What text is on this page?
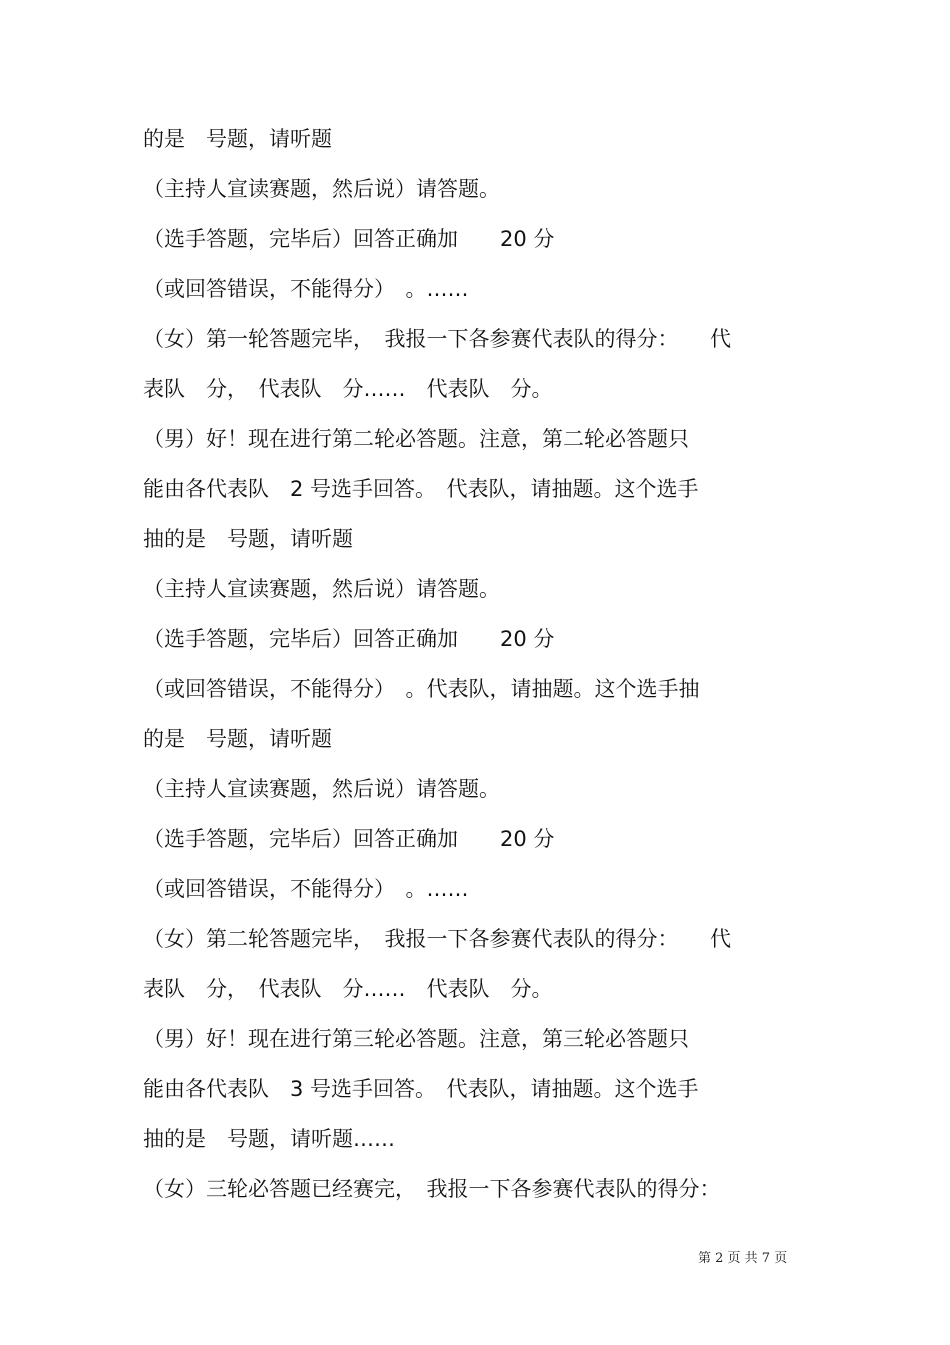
的是　号题，请听题
（主持人宣读赛题，然后说）请答题。
（选手答题，完毕后）回答正确加　　20 分
（或回答错误，不能得分）　。……
（女）第一轮答题完毕，　我报一下各参赛代表队的得分：　　代
表队　分，　代表队　分……　代表队　分。
（男）好！现在进行第二轮必答题。注意，第二轮必答题只
能由各代表队　2 号选手回答。　代表队，请抽题。这个选手
抽的是　号题，请听题
（主持人宣读赛题，然后说）请答题。
（选手答题，完毕后）回答正确加　　20 分
（或回答错误，不能得分）　。代表队，请抽题。这个选手抽
的是　号题，请听题
（主持人宣读赛题，然后说）请答题。
（选手答题，完毕后）回答正确加　　20 分
（或回答错误，不能得分）　。……
（女）第二轮答题完毕，　我报一下各参赛代表队的得分：　　代
表队　分，　代表队　分……　代表队　分。
（男）好！现在进行第三轮必答题。注意，第三轮必答题只
能由各代表队　3 号选手回答。　代表队，请抽题。这个选手
抽的是　号题，请听题……
（女）三轮必答题已经赛完，　我报一下各参赛代表队的得分：
第 2 页 共 7 页
